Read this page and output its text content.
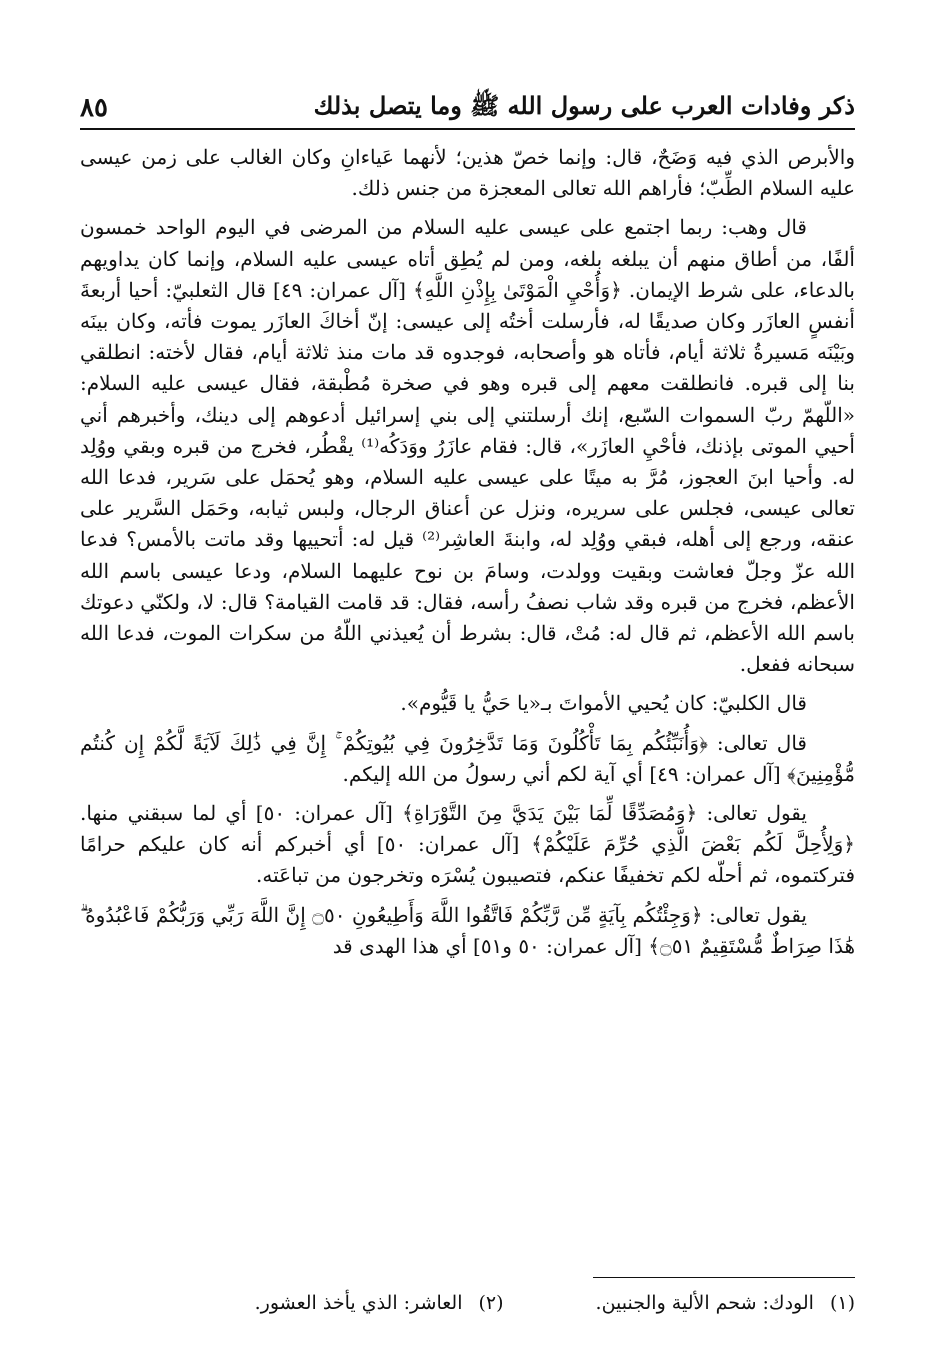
ذكر وفادات العرب على رسول الله ﷺ وما يتصل بذلك
٨٥

والأبرص الذي فيه وَضَحٌ، قال: وإنما خصّ هذين؛ لأنهما عَياءانِ وكان الغالب على زمن عيسى عليه السلام الطِّبّ؛ فأراهم الله تعالى المعجزة من جنس ذلك.

قال وهب: ربما اجتمع على عيسى عليه السلام من المرضى في اليوم الواحد خمسون ألفًا، من أطاق منهم أن يبلغه بلغه، ومن لم يُطِق أتاه عيسى عليه السلام، وإنما كان يداويهم بالدعاء، على شرط الإيمان. ﴿وَأُحْيِ الْمَوْتَىٰ بِإِذْنِ اللَّهِ﴾ [آل عمران: ٤٩] قال الثعلبيّ: أحيا أربعةَ أنفسٍ العازَر وكان صديقًا له، فأرسلت أختُه إلى عيسى: إنّ أخاكَ العازَر يموت فأته، وكان بينَه وبَيْنَه مَسيرةُ ثلاثة أيام، فأتاه هو وأصحابه، فوجدوه قد مات منذ ثلاثة أيام، فقال لأخته: انطلقي بنا إلى قبره. فانطلقت معهم إلى قبره وهو في صخرة مُطْبقة، فقال عيسى عليه السلام: «اللّهمّ ربّ السموات السّبع، إنك أرسلتني إلى بني إسرائيل أدعوهم إلى دينك، وأخبرهم أني أحيي الموتى بإذنك، فأحْيِ العازَر»، قال: فقام عازَرُ ووَدَكُه⁽¹⁾ يقْطُر، فخرج من قبره وبقي ووُلِد له. وأحيا ابنَ العجوز، مُرَّ به ميتًا على عيسى عليه السلام، وهو يُحمَل على سَرير، فدعا الله تعالى عيسى، فجلس على سريره، ونزل عن أعناق الرجال، ولبس ثيابه، وحَمَل السَّرير على عنقه، ورجع إلى أهله، فبقي ووُلِد له، وابنةَ العاشِر⁽²⁾ قيل له: أتحييها وقد ماتت بالأمس؟ فدعا الله عزّ وجلّ فعاشت وبقيت وولدت، وسامَ بن نوح عليهما السلام، ودعا عيسى باسم الله الأعظم، فخرج من قبره وقد شاب نصفُ رأسه، فقال: قد قامت القيامة؟ قال: لا، ولكنّي دعوتك باسم الله الأعظم، ثم قال له: مُتْ، قال: بشرط أن يُعيذني اللّهُ من سكرات الموت، فدعا الله سبحانه ففعل.

قال الكلبيّ: كان يُحيي الأمواتَ بـ«يا حَيُّ يا قَيُّوم».

قال تعالى: ﴿وَأُنَبِّئُكُم بِمَا تَأْكُلُونَ وَمَا تَدَّخِرُونَ فِي بُيُوتِكُمْ ۚ إِنَّ فِي ذَٰلِكَ لَآيَةً لَّكُمْ إِن كُنتُم مُّؤْمِنِينَ﴾ [آل عمران: ٤٩] أي آية لكم أني رسولُ من الله إليكم.

يقول تعالى: ﴿وَمُصَدِّقًا لِّمَا بَيْنَ يَدَيَّ مِنَ التَّوْرَاةِ﴾ [آل عمران: ٥٠] أي لما سبقني منها. ﴿وَلِأُحِلَّ لَكُم بَعْضَ الَّذِي حُرِّمَ عَلَيْكُمْ﴾ [آل عمران: ٥٠] أي أخبركم أنه كان عليكم حرامًا فتركتموه، ثم أحلّه لكم تخفيفًا عنكم، فتصيبون يُسْرَه وتخرجون من تباعَته.

يقول تعالى: ﴿وَجِئْتُكُم بِآيَةٍ مِّن رَّبِّكُمْ فَاتَّقُوا اللَّهَ وَأَطِيعُونِ ۝٥٠ إِنَّ اللَّهَ رَبِّي وَرَبُّكُمْ فَاعْبُدُوهُ ۗ هَٰذَا صِرَاطٌ مُّسْتَقِيمٌ ۝٥١﴾ [آل عمران: ٥٠ و٥١] أي هذا الهدى قد

(١)الودك: شحم الألية والجنبين.
(٢)العاشر: الذي يأخذ العشور.
